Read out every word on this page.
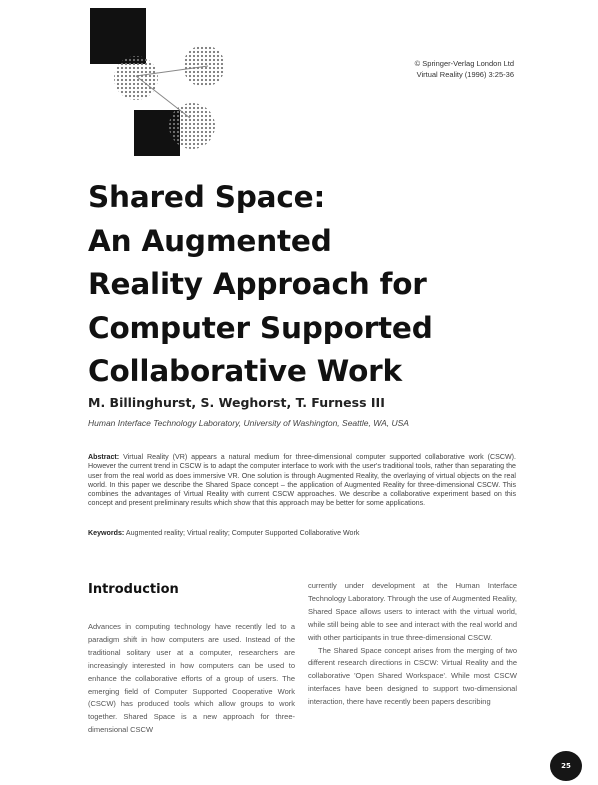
© Springer-Verlag London Ltd
Virtual Reality (1996) 3:25-36
Shared Space:
An Augmented
Reality Approach for
Computer Supported
Collaborative Work
M. Billinghurst, S. Weghorst, T. Furness III
Human Interface Technology Laboratory, University of Washington, Seattle, WA, USA

Abstract: Virtual Reality (VR) appears a natural medium for three-dimensional computer supported collaborative work (CSCW). However the current trend in CSCW is to adapt the computer interface to work with the user's traditional tools, rather than separating the user from the real world as does immersive VR. One solution is through Augmented Reality, the overlaying of virtual objects on the real world. In this paper we describe the Shared Space concept – the application of Augmented Reality for three-dimensional CSCW. This combines the advantages of Virtual Reality with current CSCW approaches. We describe a collaborative experiment based on this concept and present preliminary results which show that this approach may be better for some applications.

Keywords: Augmented reality; Virtual reality; Computer Supported Collaborative Work

Introduction

Advances in computing technology have recently led to a paradigm shift in how computers are used. Instead of the traditional solitary user at a computer, researchers are increasingly interested in how computers can be used to enhance the collaborative efforts of a group of users. The emerging field of Computer Supported Cooperative Work (CSCW) has produced tools which allow groups to work together. Shared Space is a new approach for three-dimensional CSCW

currently under development at the Human Interface Technology Laboratory. Through the use of Augmented Reality, Shared Space allows users to interact with the virtual world, while still being able to see and interact with the real world and with other participants in true three-dimensional CSCW.
The Shared Space concept arises from the merging of two different research directions in CSCW: Virtual Reality and the collaborative 'Open Shared Workspace'. While most CSCW interfaces have been designed to support two-dimensional interaction, there have recently been papers describing
25
